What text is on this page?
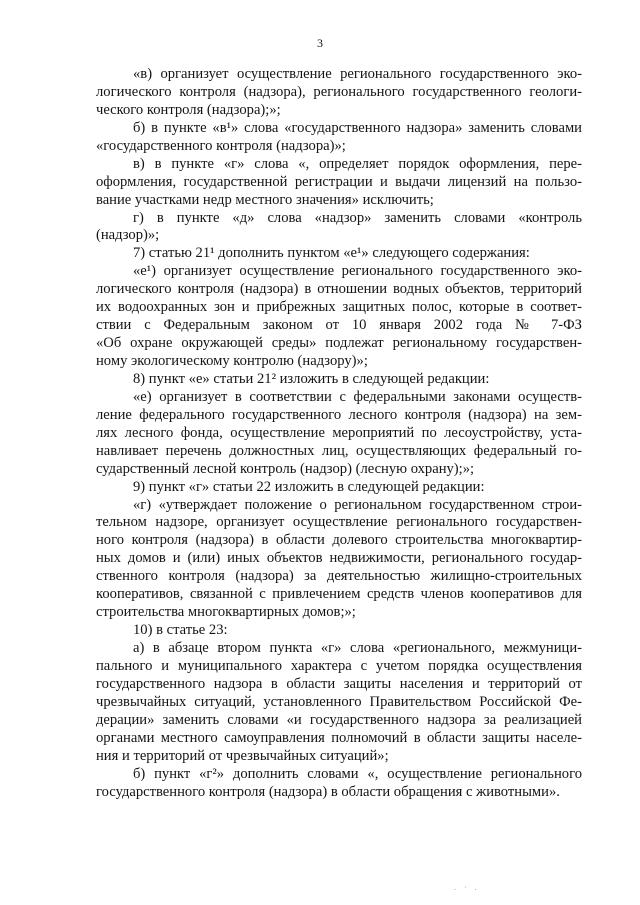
3
«в) организует осуществление регионального государственного эко-
логического контроля (надзора), регионального государственного геологи-
ческого контроля (надзора);»;
б) в пункте «в¹» слова «государственного надзора» заменить словами
«государственного контроля (надзора)»;
в) в пункте «г» слова «, определяет порядок оформления, пере-
оформления, государственной регистрации и выдачи лицензий на пользо-
вание участками недр местного значения» исключить;
г) в пункте «д» слова «надзор» заменить словами «контроль
(надзор)»;
7) статью 21¹ дополнить пунктом «е¹» следующего содержания:
«е¹) организует осуществление регионального государственного эко-
логического контроля (надзора) в отношении водных объектов, территорий
их водоохранных зон и прибрежных защитных полос, которые в соответ-
ствии с Федеральным законом от 10 января 2002 года № 7-ФЗ
«Об охране окружающей среды» подлежат региональному государствен-
ному экологическому контролю (надзору)»;
8) пункт «е» статьи 21² изложить в следующей редакции:
«е) организует в соответствии с федеральными законами осуществ-
ление федерального государственного лесного контроля (надзора) на зем-
лях лесного фонда, осуществление мероприятий по лесоустройству, уста-
навливает перечень должностных лиц, осуществляющих федеральный го-
сударственный лесной контроль (надзор) (лесную охрану);»;
9) пункт «г» статьи 22 изложить в следующей редакции:
«г) «утверждает положение о региональном государственном строи-
тельном надзоре, организует осуществление регионального государствен-
ного контроля (надзора) в области долевого строительства многоквартир-
ных домов и (или) иных объектов недвижимости, регионального государ-
ственного контроля (надзора) за деятельностью жилищно-строительных
кооперативов, связанной с привлечением средств членов кооперативов для
строительства многоквартирных домов;»;
10) в статье 23:
а) в абзаце втором пункта «г» слова «регионального, межмуници-
пального и муниципального характера с учетом порядка осуществления
государственного надзора в области защиты населения и территорий от
чрезвычайных ситуаций, установленного Правительством Российской Фе-
дерации» заменить словами «и государственного надзора за реализацией
органами местного самоуправления полномочий в области защиты населе-
ния и территорий от чрезвычайных ситуаций»;
б) пункт «г²» дополнить словами «, осуществление регионального
государственного контроля (надзора) в области обращения с животными».
. · .
